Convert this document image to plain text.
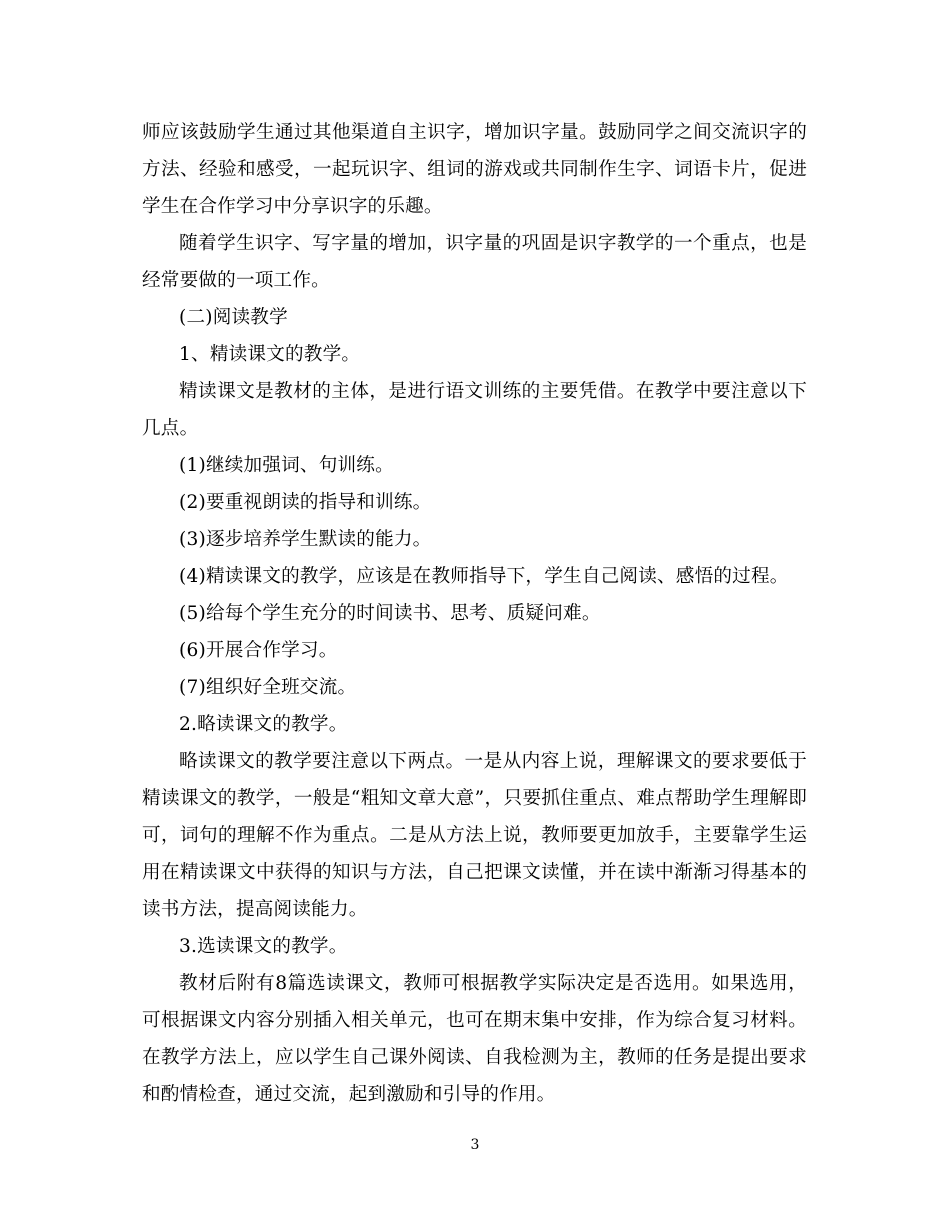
师应该鼓励学生通过其他渠道自主识字，增加识字量。鼓励同学之间交流识字的方法、经验和感受，一起玩识字、组词的游戏或共同制作生字、词语卡片，促进学生在合作学习中分享识字的乐趣。

随着学生识字、写字量的增加，识字量的巩固是识字教学的一个重点，也是经常要做的一项工作。

(二)阅读教学

1、精读课文的教学。

精读课文是教材的主体，是进行语文训练的主要凭借。在教学中要注意以下几点。

(1)继续加强词、句训练。

(2)要重视朗读的指导和训练。

(3)逐步培养学生默读的能力。

(4)精读课文的教学，应该是在教师指导下，学生自己阅读、感悟的过程。

(5)给每个学生充分的时间读书、思考、质疑问难。

(6)开展合作学习。

(7)组织好全班交流。

2.略读课文的教学。

略读课文的教学要注意以下两点。一是从内容上说，理解课文的要求要低于精读课文的教学，一般是“粗知文章大意”，只要抓住重点、难点帮助学生理解即可，词句的理解不作为重点。二是从方法上说，教师要更加放手，主要靠学生运用在精读课文中获得的知识与方法，自己把课文读懂，并在读中渐渐习得基本的读书方法，提高阅读能力。

3.选读课文的教学。

教材后附有8篇选读课文，教师可根据教学实际决定是否选用。如果选用，可根据课文内容分别插入相关单元，也可在期末集中安排，作为综合复习材料。在教学方法上，应以学生自己课外阅读、自我检测为主，教师的任务是提出要求和酌情检查，通过交流，起到激励和引导的作用。

3
